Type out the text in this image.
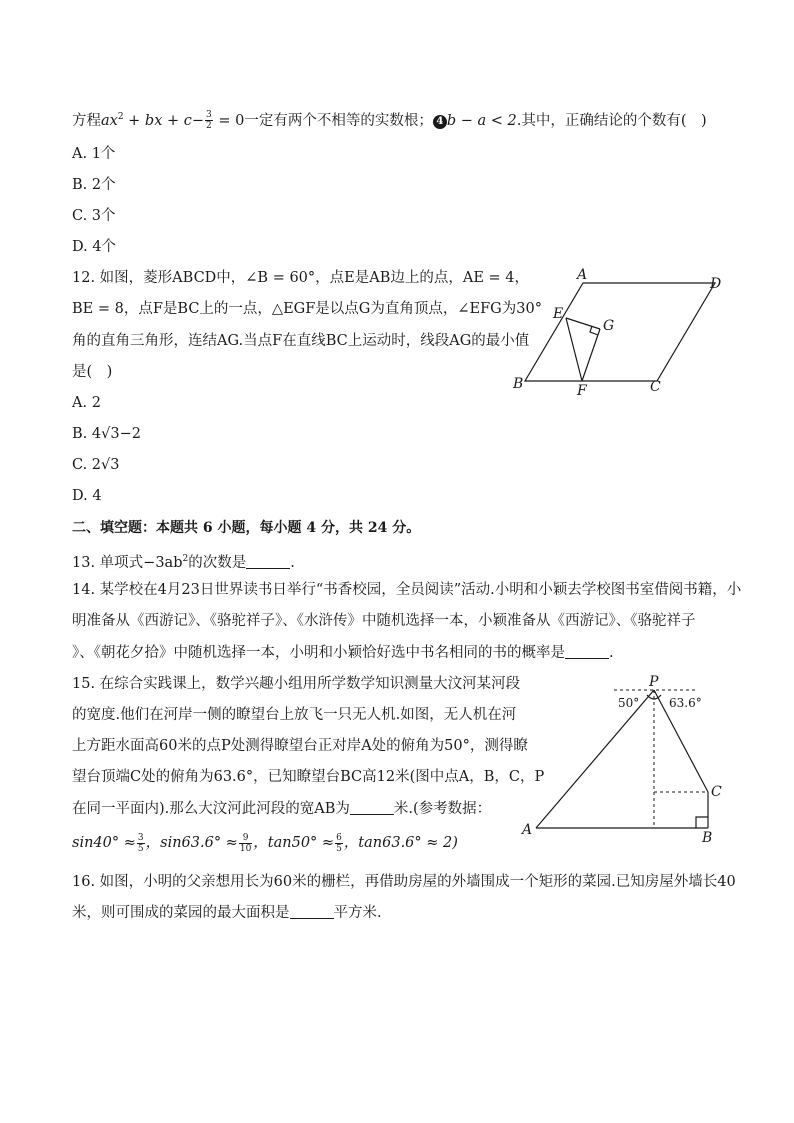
方程$ax^2$ + bx + $c- \frac{3}{2} = 0$一定有两个不相等的实数根； 4 b − a < 2.其中，正确结论的个数有(　)
A. 1个
B. 2个
C. 3个
D. 4个
12. 如图，菱形ABCD中，∠B = 60°，点E是AB边上的点，AE = 4，
BE = 8，点F是BC上的一点，△EGF是以点G为直角顶点，∠EFG为30°
角的直角三角形，连结AG.当点F在直线BC上运动时，线段AG的最小值
是(　)
A. 2
B. 4√3−2
C. 2√3
D. 4
A
D
E
G
B	F	C
二、填空题：本题共 6 小题，每小题 4 分，共 24 分。
13. 单项式$-3ab^2$的次数是	.
14. 某学校在4月23日世界读书日举行“书香校园，全员阅读”活动.小明和小颖去学校图书室借阅书籍，小
明准备从《西游记》、《骆驼祥子》、《水浒传》中随机选择一本，小颖准备从《西游记》、《骆驼祥子
》、《朝花夕拾》中随机选择一本，小明和小颖恰好选中书名相同的书的概率是	.
15. 在综合实践课上，数学兴趣小组用所学数学知识测量大汶河某河段
的宽度.他们在河岸一侧的瞭望台上放飞一只无人机.如图，无人机在河
上方距水面高60米的点P处测得瞭望台正对岸A处的俯角为50°，测得瞭
望台顶端C处的俯角为63.6°，已知瞭望台BC高12米(图中点A，B，C，P
在同一平面内).那么大汶河此河段的宽AB为	米.(参考数据：
$\sin 40^\circ \approx \frac{3}{5}$ ，$\sin 63.6^\circ \approx \frac{9}{10}$ ，$\tan 50^\circ \approx \frac{6}{5}$ ，tan63.6° ≈ 2)
P
50° 63.6°
A	B
C
16. 如图，小明的父亲想用长为60米的栅栏，再借助房屋的外墙围成一个矩形的菜园.已知房屋外墙长40
米，则可围成的菜园的最大面积是	平方米.
